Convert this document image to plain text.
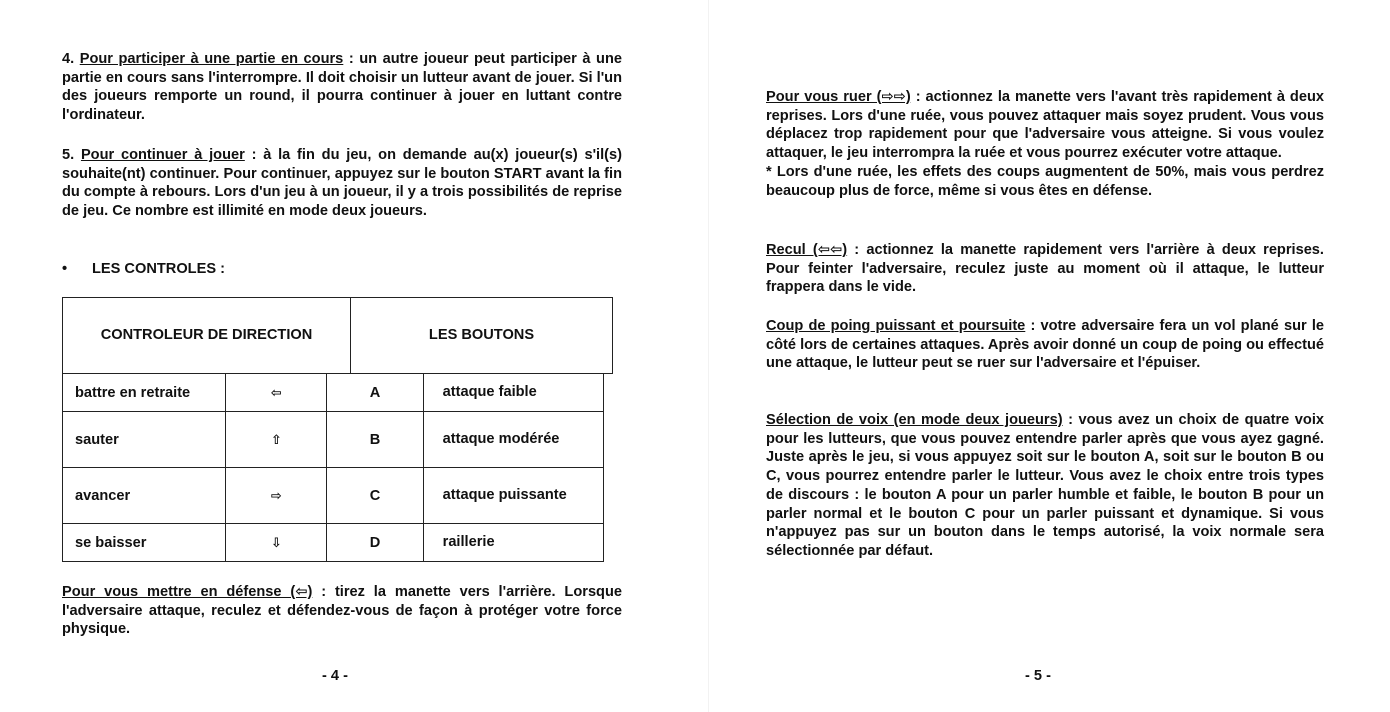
4. Pour participer à une partie en cours : un autre joueur peut participer à une partie en cours sans l'interrompre. Il doit choisir un lutteur avant de jouer. Si l'un des joueurs remporte un round, il pourra continuer à jouer en luttant contre l'ordinateur.

5. Pour continuer à jouer : à la fin du jeu, on demande au(x) joueur(s) s'il(s) souhaite(nt) continuer. Pour continuer, appuyez sur le bouton START avant la fin du compte à rebours. Lors d'un jeu à un joueur, il y a trois possibilités de reprise de jeu. Ce nombre est illimité en mode deux joueurs.

• LES CONTROLES :

CONTROLEUR DE DIRECTION	LES BOUTONS
battre en retraite	⇦	A	attaque faible
sauter	⇧	B	attaque modérée
avancer	⇨	C	attaque puissante
se baisser	⇩	D	raillerie

Pour vous mettre en défense (⇦) : tirez la manette vers l'arrière. Lorsque l'adversaire attaque, reculez et défendez-vous de façon à protéger votre force physique.

- 4 -

Pour vous ruer (⇨⇨) : actionnez la manette vers l'avant très rapidement à deux reprises. Lors d'une ruée, vous pouvez attaquer mais soyez prudent. Vous vous déplacez trop rapidement pour que l'adversaire vous atteigne. Si vous voulez attaquer, le jeu interrompra la ruée et vous pourrez exécuter votre attaque.
* Lors d'une ruée, les effets des coups augmentent de 50%, mais vous perdrez beaucoup plus de force, même si vous êtes en défense.

Recul (⇦⇦) : actionnez la manette rapidement vers l'arrière à deux reprises. Pour feinter l'adversaire, reculez juste au moment où il attaque, le lutteur frappera dans le vide.

Coup de poing puissant et poursuite : votre adversaire fera un vol plané sur le côté lors de certaines attaques. Après avoir donné un coup de poing ou effectué une attaque, le lutteur peut se ruer sur l'adversaire et l'épuiser.

Sélection de voix (en mode deux joueurs) : vous avez un choix de quatre voix pour les lutteurs, que vous pouvez entendre parler après que vous ayez gagné. Juste après le jeu, si vous appuyez soit sur le bouton A, soit sur le bouton B ou C, vous pourrez entendre parler le lutteur. Vous avez le choix entre trois types de discours : le bouton A pour un parler humble et faible, le bouton B pour un parler normal et le bouton C pour un parler puissant et dynamique. Si vous n'appuyez pas sur un bouton dans le temps autorisé, la voix normale sera sélectionnée par défaut.

- 5 -
